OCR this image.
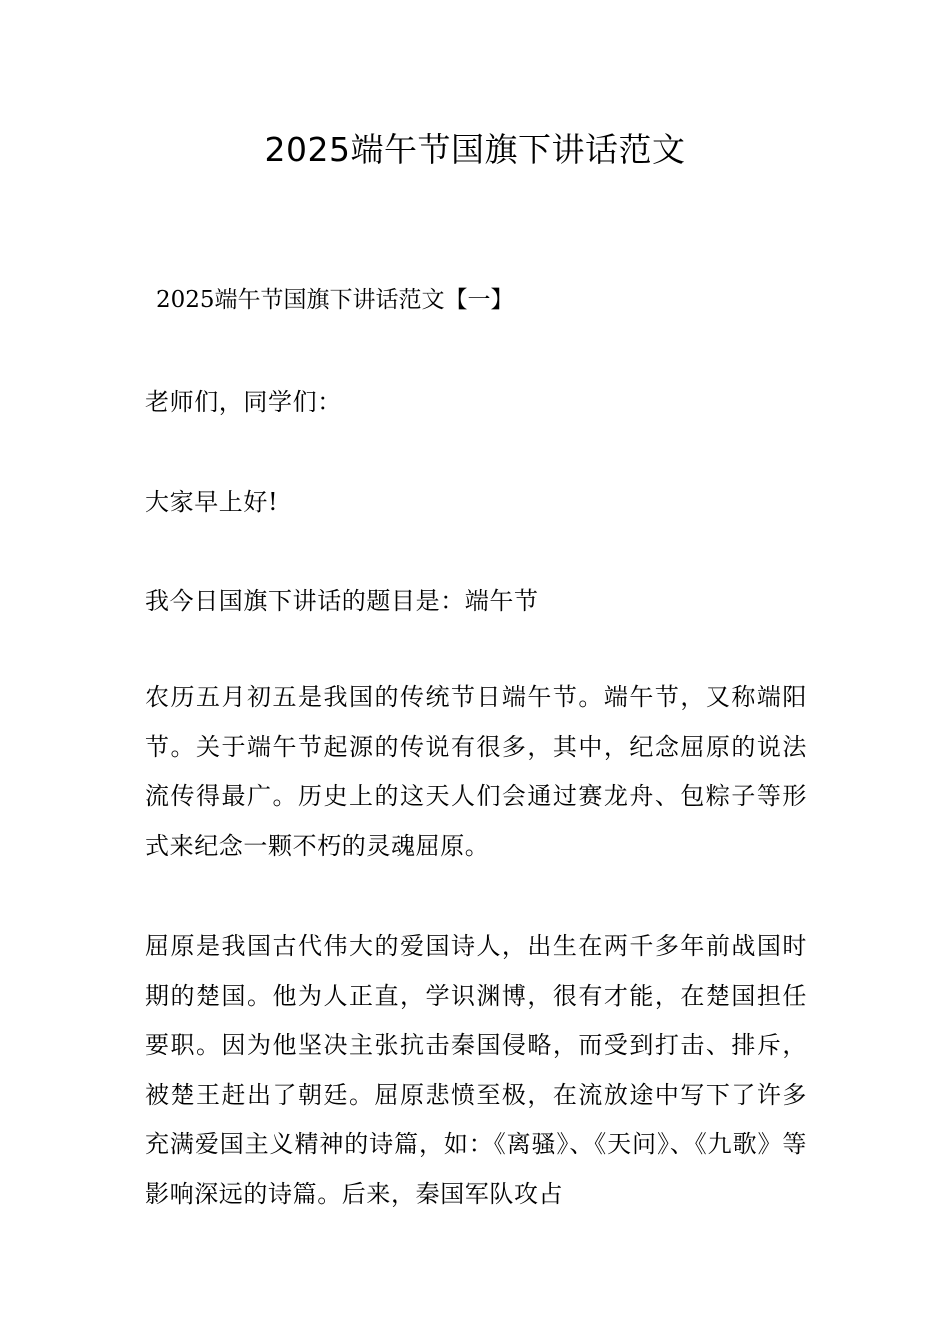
2025端午节国旗下讲话范文
2025端午节国旗下讲话范文【一】

老师们，同学们：

大家早上好!

我今日国旗下讲话的题目是：端午节

农历五月初五是我国的传统节日端午节。端午节，又称端阳节。关于端午节起源的传说有很多，其中，纪念屈原的说法流传得最广。历史上的这天人们会通过赛龙舟、包粽子等形式来纪念一颗不朽的灵魂屈原。

屈原是我国古代伟大的爱国诗人，出生在两千多年前战国时期的楚国。他为人正直，学识渊博，很有才能，在楚国担任要职。因为他坚决主张抗击秦国侵略，而受到打击、排斥，被楚王赶出了朝廷。屈原悲愤至极，在流放途中写下了许多充满爱国主义精神的诗篇，如：《离骚》、《天问》、《九歌》等影响深远的诗篇。后来，秦国军队攻占
